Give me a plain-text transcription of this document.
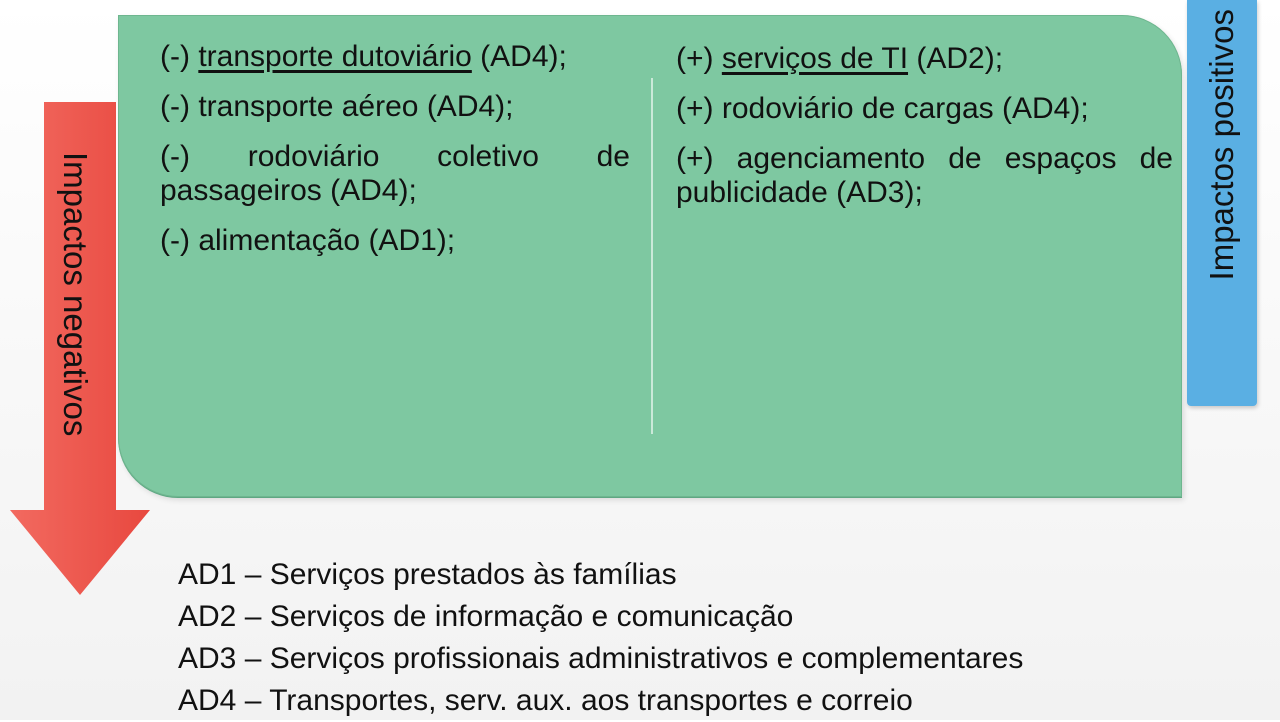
Impactos negativos
Impactos positivos
(-) transporte dutoviário (AD4);
(-) transporte aéreo (AD4);
(-) rodoviário coletivo de passageiros (AD4);
(-) alimentação (AD1);
(+) serviços de TI (AD2);
(+) rodoviário de cargas (AD4);
(+) agenciamento de espaços de publicidade (AD3);
AD1 – Serviços prestados às famílias
AD2 – Serviços de informação e comunicação
AD3 – Serviços profissionais administrativos e complementares
AD4 – Transportes, serv. aux. aos transportes e correio
